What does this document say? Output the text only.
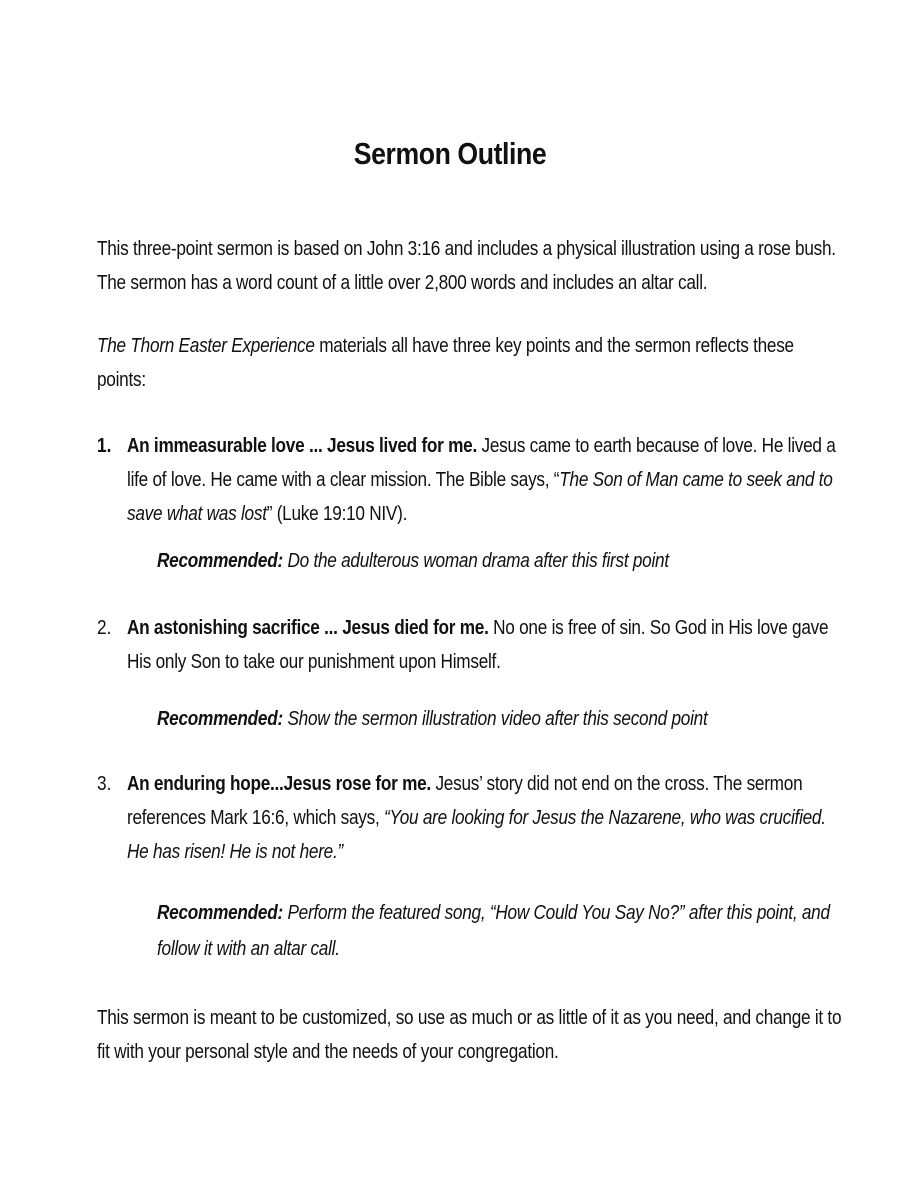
Sermon Outline
This three-point sermon is based on John 3:16 and includes a physical illustration using a rose bush.
The sermon has a word count of a little over 2,800 words and includes an altar call.
The Thorn Easter Experience materials all have three key points and the sermon reflects these
points:
1. An immeasurable love ... Jesus lived for me. Jesus came to earth because of love. He lived a
life of love. He came with a clear mission. The Bible says, “The Son of Man came to seek and to
save what was lost” (Luke 19:10 NIV).
Recommended: Do the adulterous woman drama after this first point
2. An astonishing sacrifice ... Jesus died for me. No one is free of sin. So God in His love gave
His only Son to take our punishment upon Himself.
Recommended: Show the sermon illustration video after this second point
3. An enduring hope...Jesus rose for me. Jesus’ story did not end on the cross. The sermon
references Mark 16:6, which says, “You are looking for Jesus the Nazarene, who was crucified.
He has risen! He is not here.”
Recommended: Perform the featured song, “How Could You Say No?” after this point, and
follow it with an altar call.
This sermon is meant to be customized, so use as much or as little of it as you need, and change it to
fit with your personal style and the needs of your congregation.
